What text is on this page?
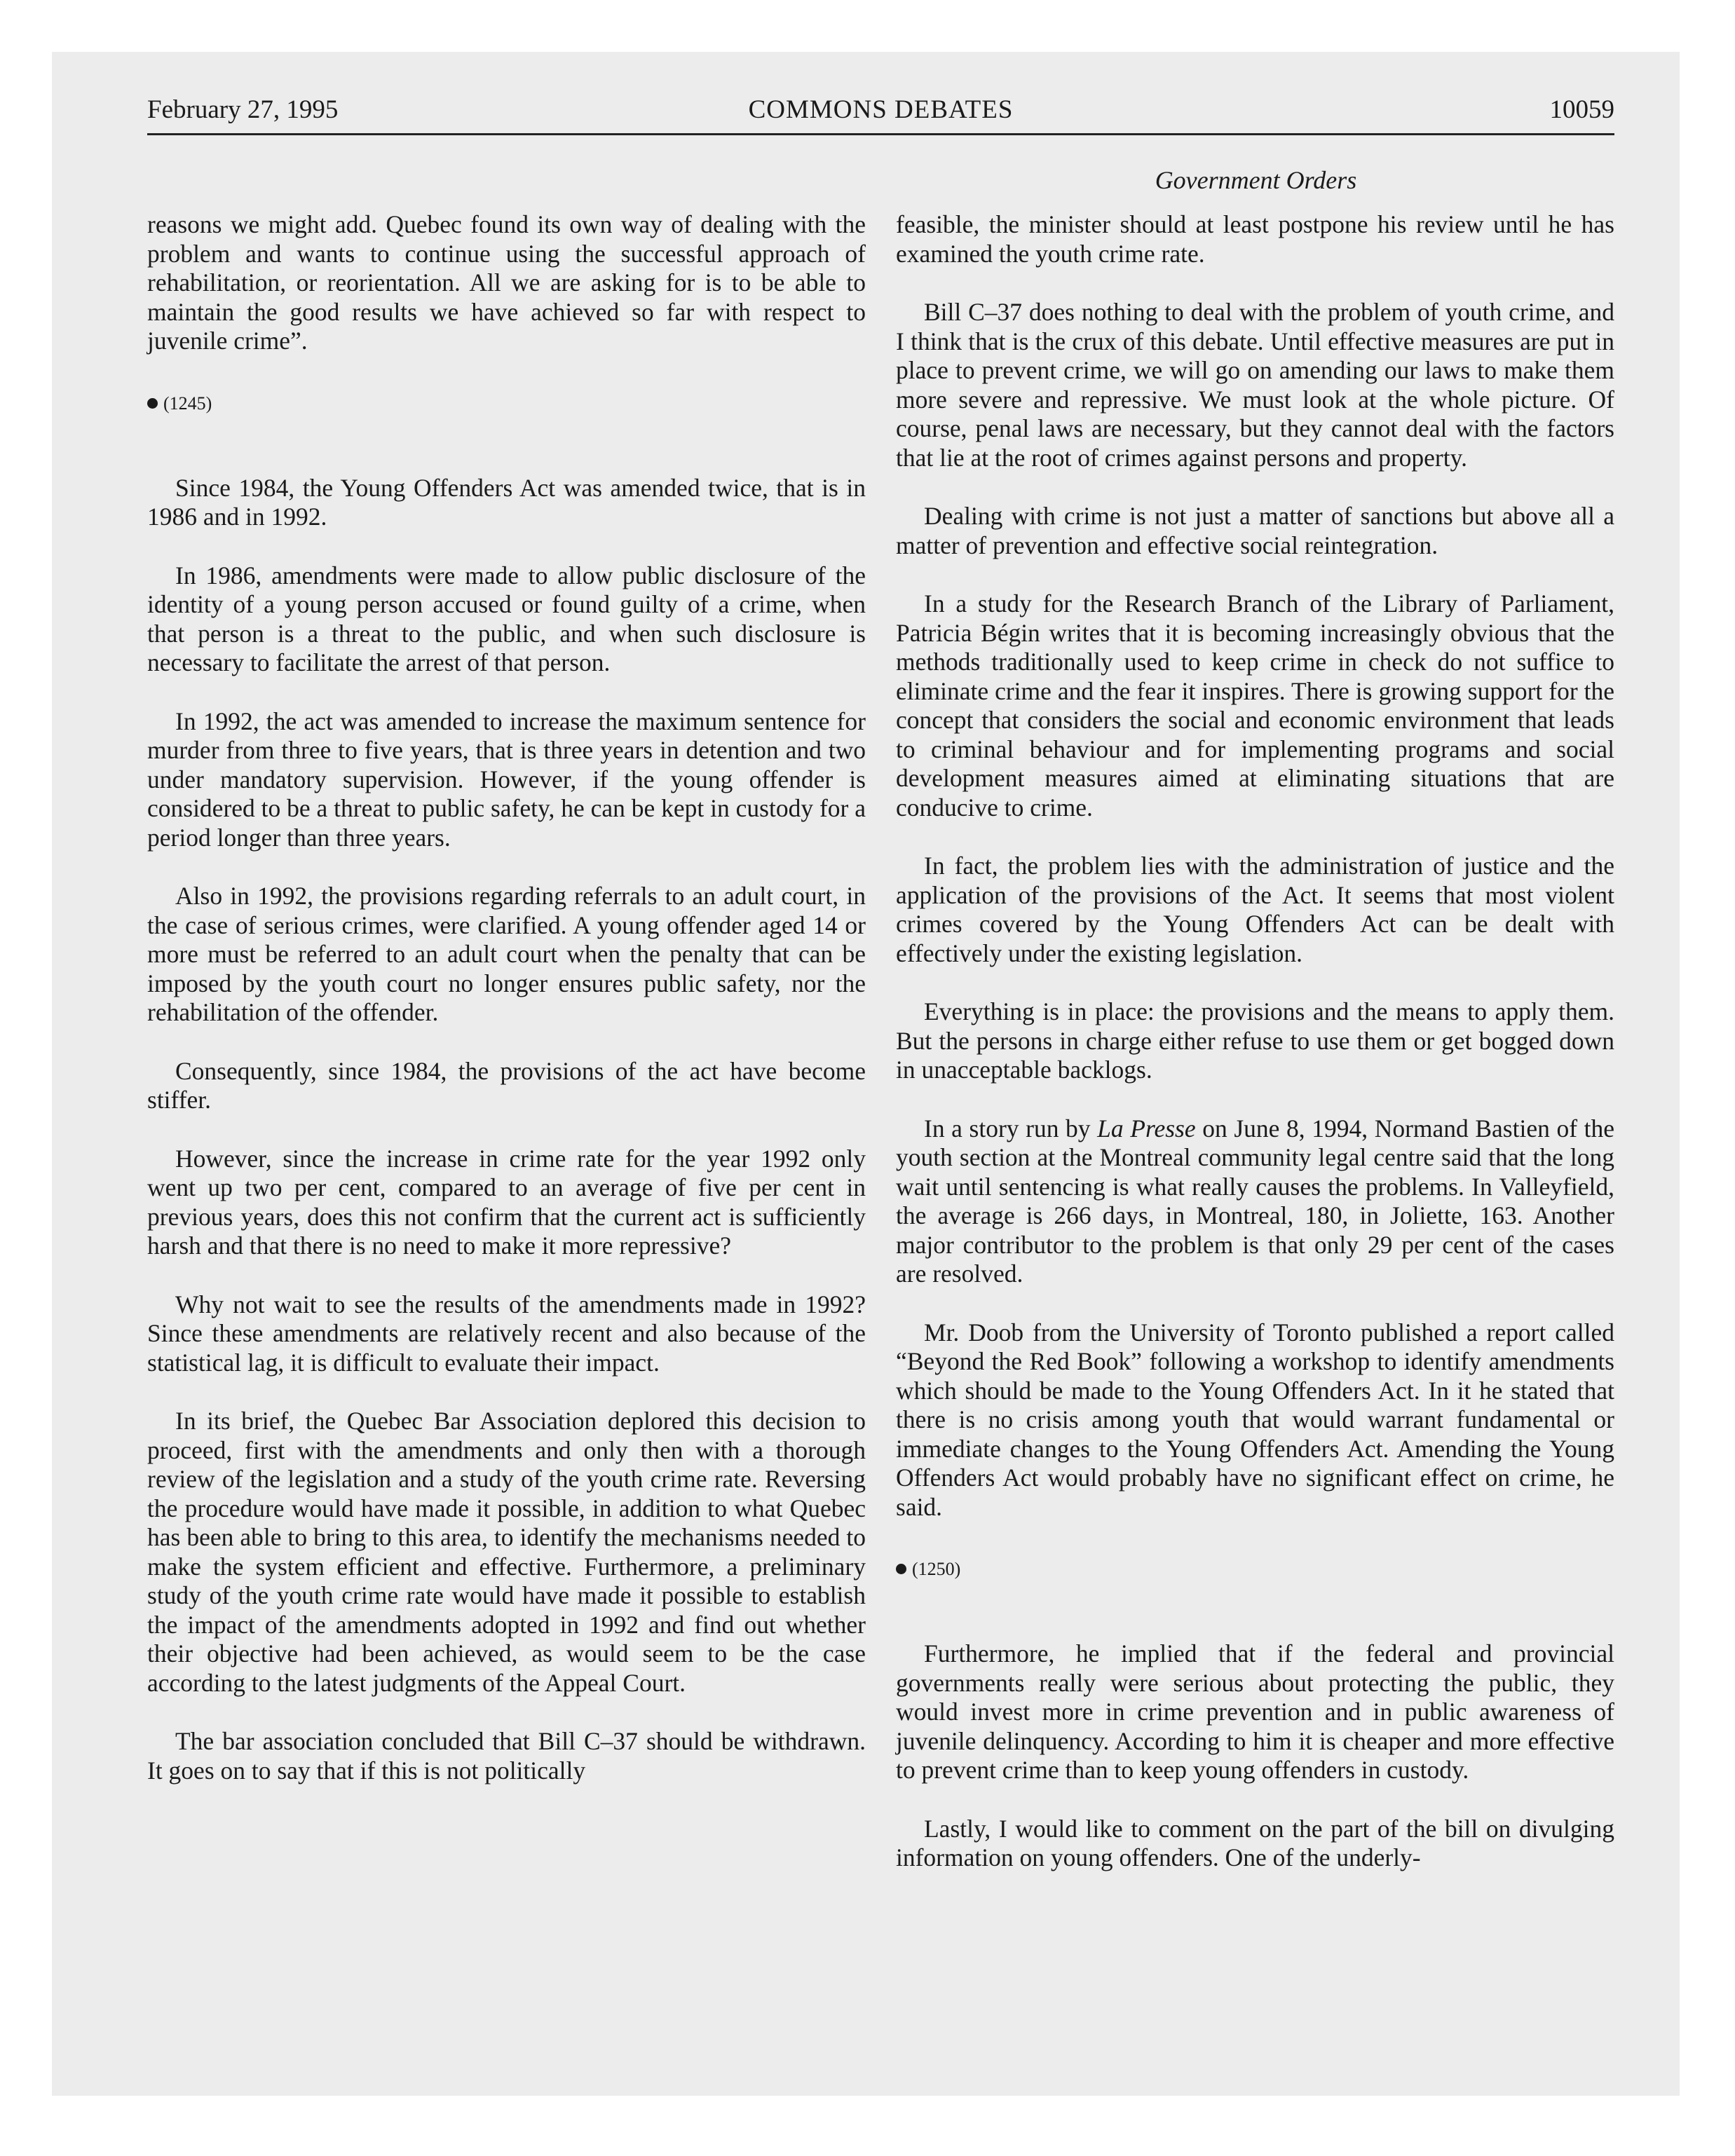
February 27, 1995	COMMONS DEBATES	10059
Government Orders

reasons we might add. Quebec found its own way of dealing with the problem and wants to continue using the successful approach of rehabilitation, or reorientation. All we are asking for is to be able to maintain the good results we have achieved so far with respect to juvenile crime”.

(1245)

Since 1984, the Young Offenders Act was amended twice, that is in 1986 and in 1992.

In 1986, amendments were made to allow public disclosure of the identity of a young person accused or found guilty of a crime, when that person is a threat to the public, and when such disclosure is necessary to facilitate the arrest of that person.

In 1992, the act was amended to increase the maximum sentence for murder from three to five years, that is three years in detention and two under mandatory supervision. However, if the young offender is considered to be a threat to public safety, he can be kept in custody for a period longer than three years.

Also in 1992, the provisions regarding referrals to an adult court, in the case of serious crimes, were clarified. A young offender aged 14 or more must be referred to an adult court when the penalty that can be imposed by the youth court no longer ensures public safety, nor the rehabilitation of the offender.

Consequently, since 1984, the provisions of the act have become stiffer.

However, since the increase in crime rate for the year 1992 only went up two per cent, compared to an average of five per cent in previous years, does this not confirm that the current act is sufficiently harsh and that there is no need to make it more repressive?

Why not wait to see the results of the amendments made in 1992? Since these amendments are relatively recent and also because of the statistical lag, it is difficult to evaluate their impact.

In its brief, the Quebec Bar Association deplored this decision to proceed, first with the amendments and only then with a thorough review of the legislation and a study of the youth crime rate. Reversing the procedure would have made it possible, in addition to what Quebec has been able to bring to this area, to identify the mechanisms needed to make the system efficient and effective. Furthermore, a preliminary study of the youth crime rate would have made it possible to establish the impact of the amendments adopted in 1992 and find out whether their objective had been achieved, as would seem to be the case according to the latest judgments of the Appeal Court.

The bar association concluded that Bill C–37 should be withdrawn. It goes on to say that if this is not politically

feasible, the minister should at least postpone his review until he has examined the youth crime rate.

Bill C–37 does nothing to deal with the problem of youth crime, and I think that is the crux of this debate. Until effective measures are put in place to prevent crime, we will go on amending our laws to make them more severe and repressive. We must look at the whole picture. Of course, penal laws are necessary, but they cannot deal with the factors that lie at the root of crimes against persons and property.

Dealing with crime is not just a matter of sanctions but above all a matter of prevention and effective social reintegration.

In a study for the Research Branch of the Library of Parliament, Patricia Bégin writes that it is becoming increasingly obvious that the methods traditionally used to keep crime in check do not suffice to eliminate crime and the fear it inspires. There is growing support for the concept that considers the social and economic environment that leads to criminal behaviour and for implementing programs and social development measures aimed at eliminating situations that are conducive to crime.

In fact, the problem lies with the administration of justice and the application of the provisions of the Act. It seems that most violent crimes covered by the Young Offenders Act can be dealt with effectively under the existing legislation.

Everything is in place: the provisions and the means to apply them. But the persons in charge either refuse to use them or get bogged down in unacceptable backlogs.

In a story run by La Presse on June 8, 1994, Normand Bastien of the youth section at the Montreal community legal centre said that the long wait until sentencing is what really causes the problems. In Valleyfield, the average is 266 days, in Montreal, 180, in Joliette, 163. Another major contributor to the problem is that only 29 per cent of the cases are resolved.

Mr. Doob from the University of Toronto published a report called “Beyond the Red Book” following a workshop to identify amendments which should be made to the Young Offenders Act. In it he stated that there is no crisis among youth that would warrant fundamental or immediate changes to the Young Offenders Act. Amending the Young Offenders Act would probably have no significant effect on crime, he said.

(1250)

Furthermore, he implied that if the federal and provincial governments really were serious about protecting the public, they would invest more in crime prevention and in public awareness of juvenile delinquency. According to him it is cheaper and more effective to prevent crime than to keep young offenders in custody.

Lastly, I would like to comment on the part of the bill on divulging information on young offenders. One of the underly-
